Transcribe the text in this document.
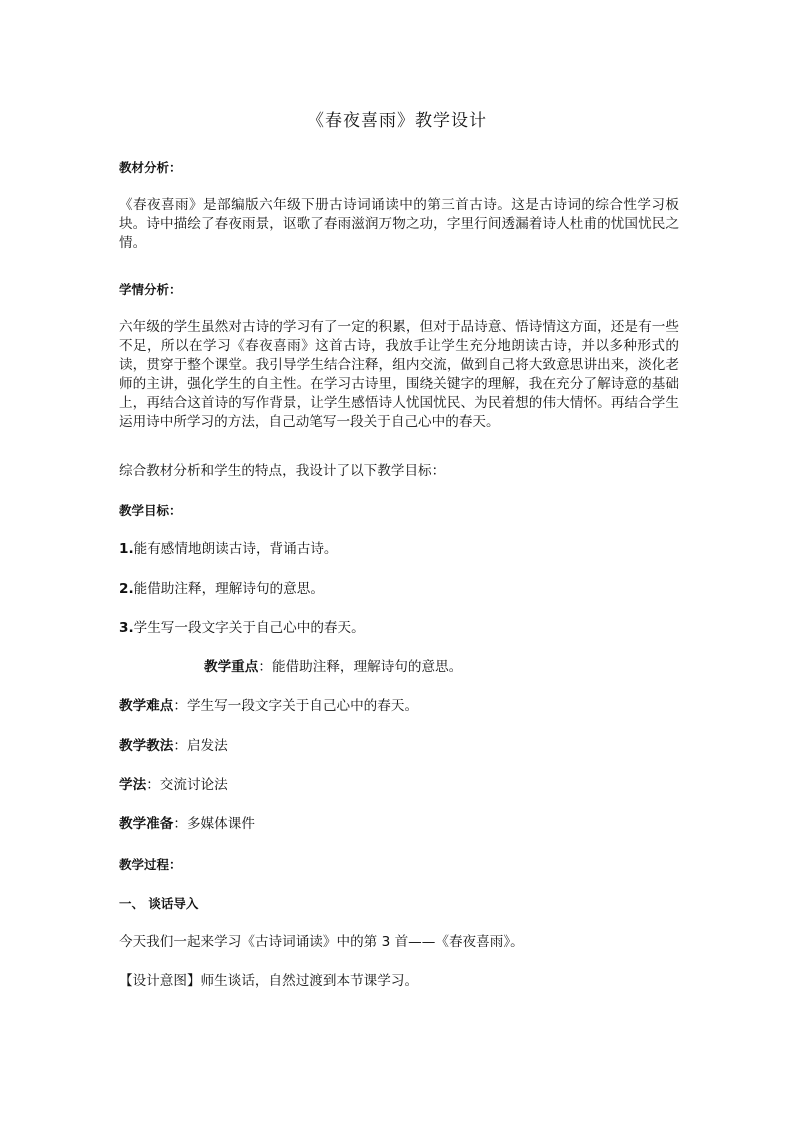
《春夜喜雨》教学设计
教材分析：
《春夜喜雨》是部编版六年级下册古诗词诵读中的第三首古诗。这是古诗词的综合性学习板块。诗中描绘了春夜雨景，讴歌了春雨滋润万物之功，字里行间透漏着诗人杜甫的忧国忧民之情。
学情分析：
六年级的学生虽然对古诗的学习有了一定的积累，但对于品诗意、悟诗情这方面，还是有一些不足，所以在学习《春夜喜雨》这首古诗，我放手让学生充分地朗读古诗，并以多种形式的读，贯穿于整个课堂。我引导学生结合注释，组内交流，做到自己将大致意思讲出来，淡化老师的主讲，强化学生的自主性。在学习古诗里，围绕关键字的理解，我在充分了解诗意的基础上，再结合这首诗的写作背景，让学生感悟诗人忧国忧民、为民着想的伟大情怀。再结合学生运用诗中所学习的方法，自己动笔写一段关于自己心中的春天。
综合教材分析和学生的特点，我设计了以下教学目标：
教学目标：
1.能有感情地朗读古诗，背诵古诗。
2.能借助注释，理解诗句的意思。
3.学生写一段文字关于自己心中的春天。
教学重点：能借助注释，理解诗句的意思。
教学难点：学生写一段文字关于自己心中的春天。
教学教法：启发法
学法：交流讨论法
教学准备：多媒体课件
教学过程：
一、 谈话导入
今天我们一起来学习《古诗词诵读》中的第 3 首——《春夜喜雨》。
【设计意图】师生谈话，自然过渡到本节课学习。
